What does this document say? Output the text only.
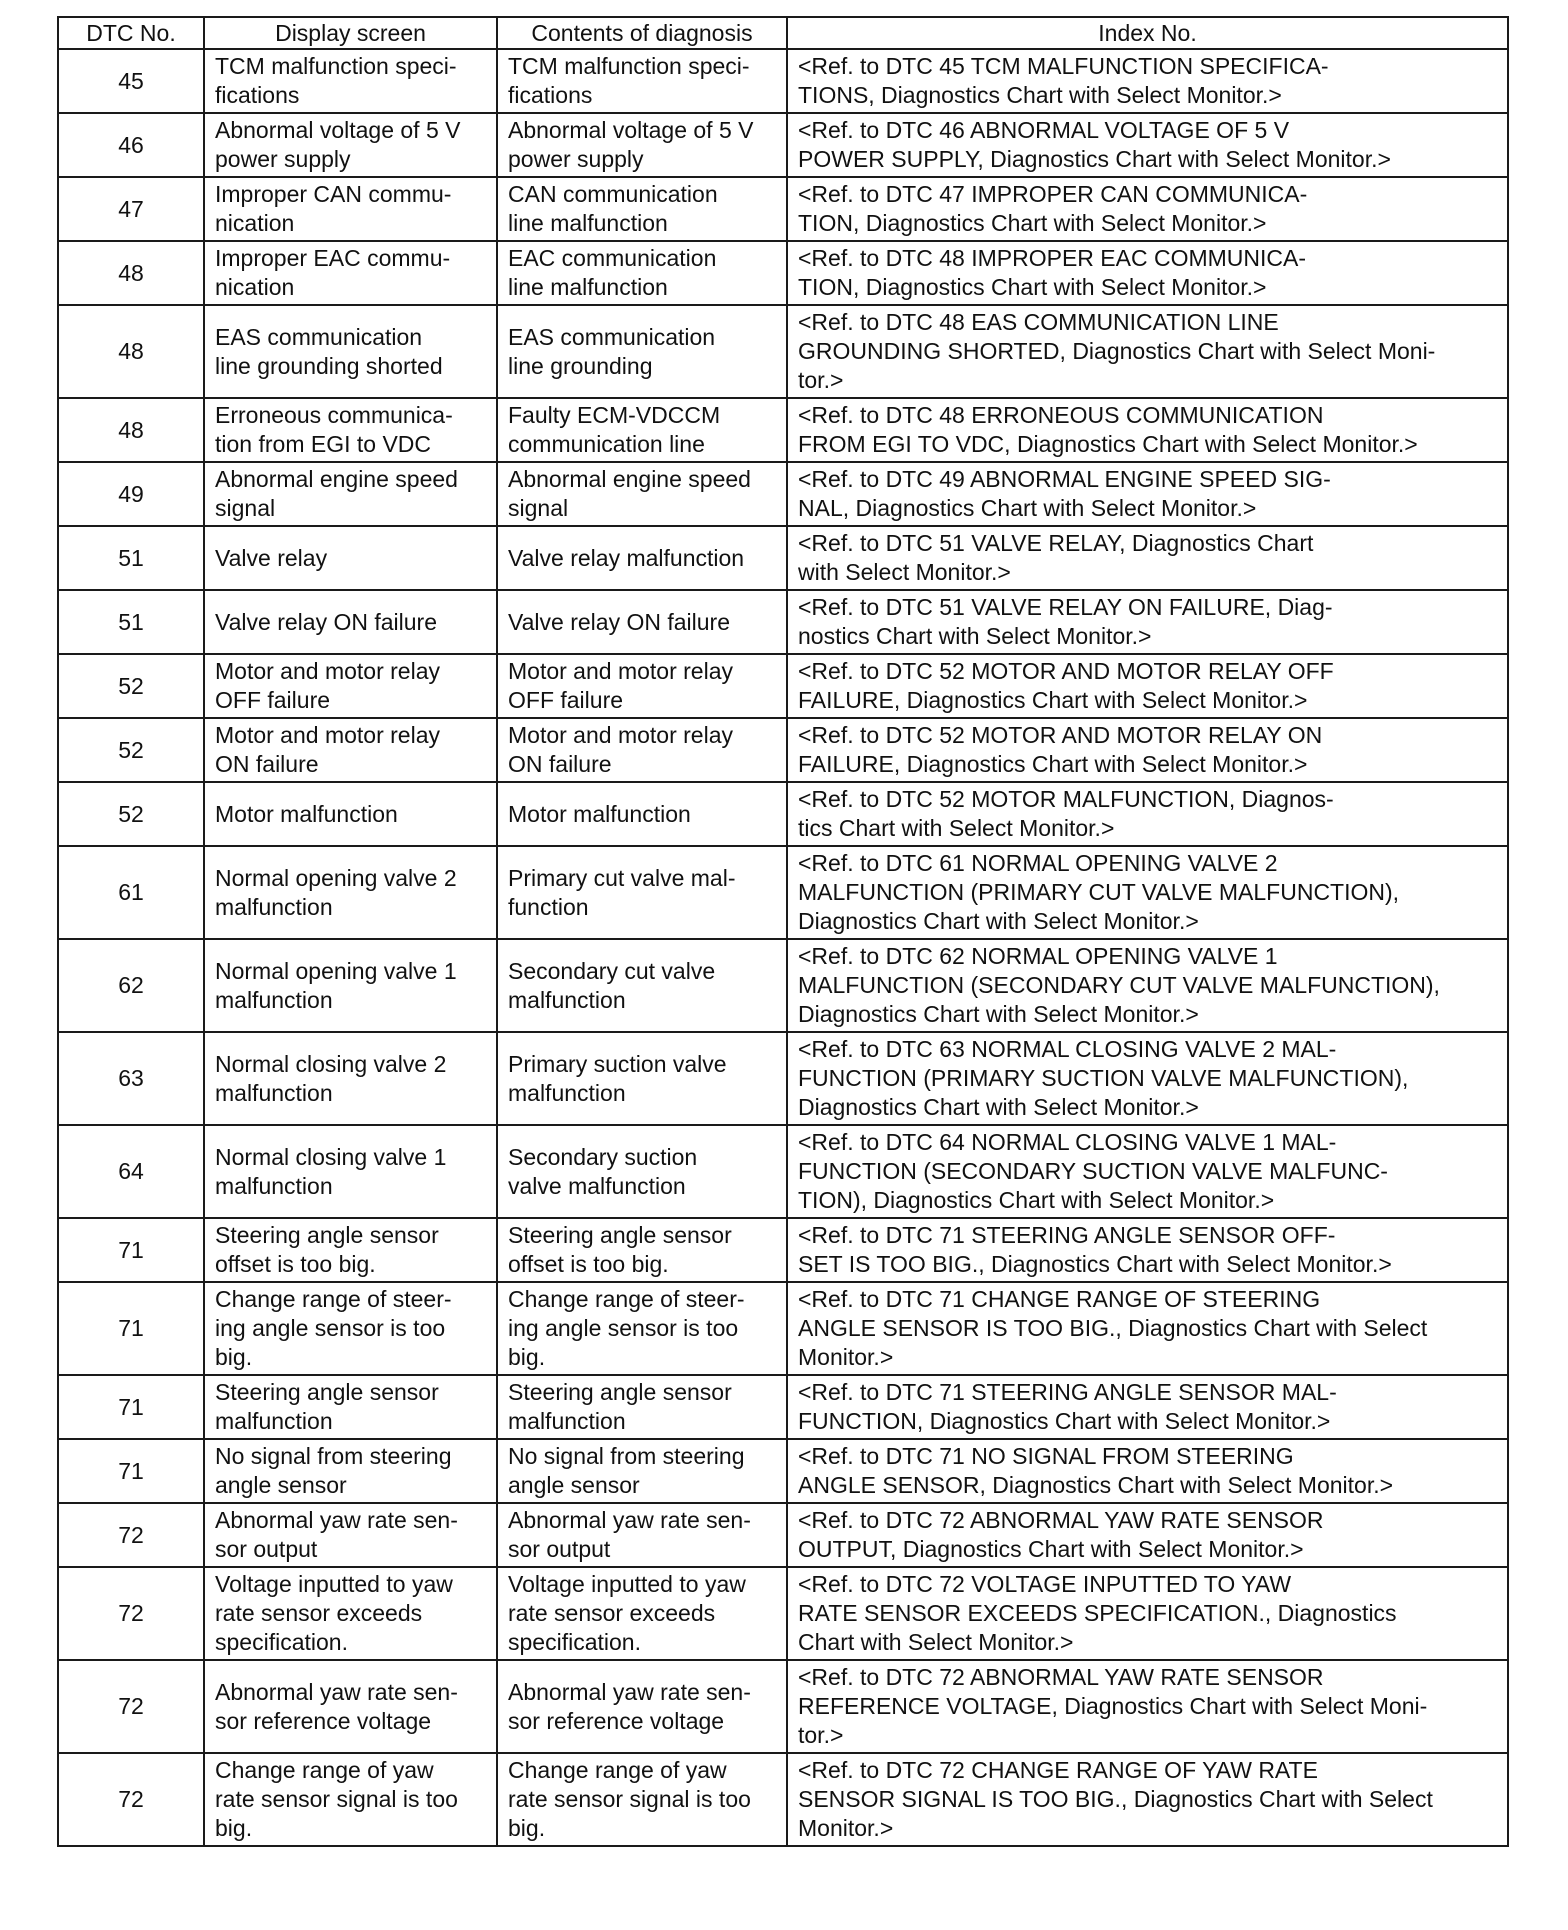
DTC No.	Display screen	Contents of diagnosis	Index No.
45	TCM malfunction speci-
fications	TCM malfunction speci-
fications	<Ref. to DTC 45 TCM MALFUNCTION SPECIFICA-
TIONS, Diagnostics Chart with Select Monitor.>
46	Abnormal voltage of 5 V
power supply	Abnormal voltage of 5 V
power supply	<Ref. to DTC 46 ABNORMAL VOLTAGE OF 5 V
POWER SUPPLY, Diagnostics Chart with Select Monitor.>
47	Improper CAN commu-
nication	CAN communication
line malfunction	<Ref. to DTC 47 IMPROPER CAN COMMUNICA-
TION, Diagnostics Chart with Select Monitor.>
48	Improper EAC commu-
nication	EAC communication
line malfunction	<Ref. to DTC 48 IMPROPER EAC COMMUNICA-
TION, Diagnostics Chart with Select Monitor.>
48	EAS communication
line grounding shorted	EAS communication
line grounding	<Ref. to DTC 48 EAS COMMUNICATION LINE
GROUNDING SHORTED, Diagnostics Chart with Select Moni-
tor.>
48	Erroneous communica-
tion from EGI to VDC	Faulty ECM-VDCCM
communication line	<Ref. to DTC 48 ERRONEOUS COMMUNICATION
FROM EGI TO VDC, Diagnostics Chart with Select Monitor.>
49	Abnormal engine speed
signal	Abnormal engine speed
signal	<Ref. to DTC 49 ABNORMAL ENGINE SPEED SIG-
NAL, Diagnostics Chart with Select Monitor.>
51	Valve relay	Valve relay malfunction	<Ref. to DTC 51 VALVE RELAY, Diagnostics Chart
with Select Monitor.>
51	Valve relay ON failure	Valve relay ON failure	<Ref. to DTC 51 VALVE RELAY ON FAILURE, Diag-
nostics Chart with Select Monitor.>
52	Motor and motor relay
OFF failure	Motor and motor relay
OFF failure	<Ref. to DTC 52 MOTOR AND MOTOR RELAY OFF
FAILURE, Diagnostics Chart with Select Monitor.>
52	Motor and motor relay
ON failure	Motor and motor relay
ON failure	<Ref. to DTC 52 MOTOR AND MOTOR RELAY ON
FAILURE, Diagnostics Chart with Select Monitor.>
52	Motor malfunction	Motor malfunction	<Ref. to DTC 52 MOTOR MALFUNCTION, Diagnos-
tics Chart with Select Monitor.>
61	Normal opening valve 2
malfunction	Primary cut valve mal-
function	<Ref. to DTC 61 NORMAL OPENING VALVE 2
MALFUNCTION (PRIMARY CUT VALVE MALFUNCTION),
Diagnostics Chart with Select Monitor.>
62	Normal opening valve 1
malfunction	Secondary cut valve
malfunction	<Ref. to DTC 62 NORMAL OPENING VALVE 1
MALFUNCTION (SECONDARY CUT VALVE MALFUNCTION),
Diagnostics Chart with Select Monitor.>
63	Normal closing valve 2
malfunction	Primary suction valve
malfunction	<Ref. to DTC 63 NORMAL CLOSING VALVE 2 MAL-
FUNCTION (PRIMARY SUCTION VALVE MALFUNCTION),
Diagnostics Chart with Select Monitor.>
64	Normal closing valve 1
malfunction	Secondary suction
valve malfunction	<Ref. to DTC 64 NORMAL CLOSING VALVE 1 MAL-
FUNCTION (SECONDARY SUCTION VALVE MALFUNC-
TION), Diagnostics Chart with Select Monitor.>
71	Steering angle sensor
offset is too big.	Steering angle sensor
offset is too big.	<Ref. to DTC 71 STEERING ANGLE SENSOR OFF-
SET IS TOO BIG., Diagnostics Chart with Select Monitor.>
71	Change range of steer-
ing angle sensor is too
big.	Change range of steer-
ing angle sensor is too
big.	<Ref. to DTC 71 CHANGE RANGE OF STEERING
ANGLE SENSOR IS TOO BIG., Diagnostics Chart with Select
Monitor.>
71	Steering angle sensor
malfunction	Steering angle sensor
malfunction	<Ref. to DTC 71 STEERING ANGLE SENSOR MAL-
FUNCTION, Diagnostics Chart with Select Monitor.>
71	No signal from steering
angle sensor	No signal from steering
angle sensor	<Ref. to DTC 71 NO SIGNAL FROM STEERING
ANGLE SENSOR, Diagnostics Chart with Select Monitor.>
72	Abnormal yaw rate sen-
sor output	Abnormal yaw rate sen-
sor output	<Ref. to DTC 72 ABNORMAL YAW RATE SENSOR
OUTPUT, Diagnostics Chart with Select Monitor.>
72	Voltage inputted to yaw
rate sensor exceeds
specification.	Voltage inputted to yaw
rate sensor exceeds
specification.	<Ref. to DTC 72 VOLTAGE INPUTTED TO YAW
RATE SENSOR EXCEEDS SPECIFICATION., Diagnostics
Chart with Select Monitor.>
72	Abnormal yaw rate sen-
sor reference voltage	Abnormal yaw rate sen-
sor reference voltage	<Ref. to DTC 72 ABNORMAL YAW RATE SENSOR
REFERENCE VOLTAGE, Diagnostics Chart with Select Moni-
tor.>
72	Change range of yaw
rate sensor signal is too
big.	Change range of yaw
rate sensor signal is too
big.	<Ref. to DTC 72 CHANGE RANGE OF YAW RATE
SENSOR SIGNAL IS TOO BIG., Diagnostics Chart with Select
Monitor.>
